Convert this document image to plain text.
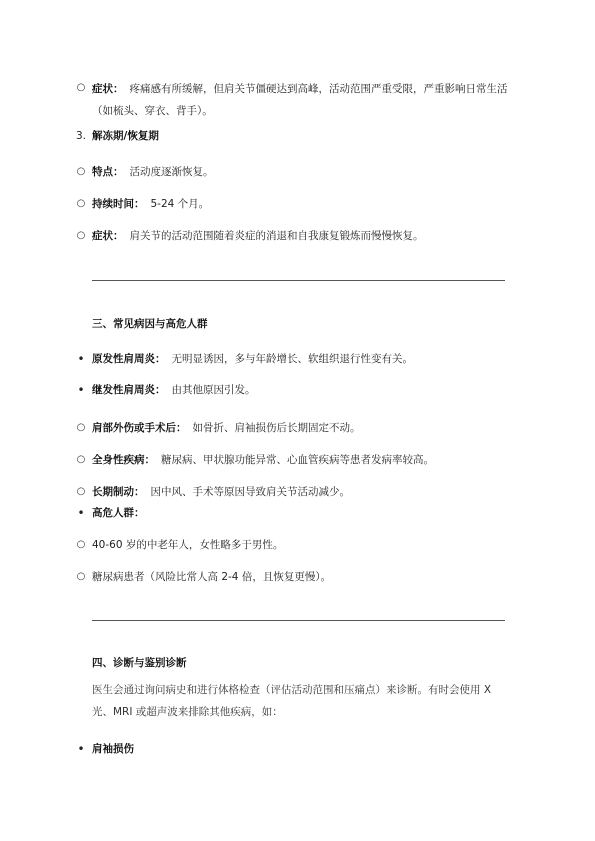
○ 症状： 疼痛感有所缓解，但肩关节僵硬达到高峰，活动范围严重受限，严重影响日常生活（如梳头、穿衣、背手）。
3. 解冻期/恢复期
○ 特点： 活动度逐渐恢复。
○ 持续时间： 5-24 个月。
○ 症状： 肩关节的活动范围随着炎症的消退和自我康复锻炼而慢慢恢复。
三、常见病因与高危人群
• 原发性肩周炎： 无明显诱因，多与年龄增长、软组织退行性变有关。
• 继发性肩周炎： 由其他原因引发。
○ 肩部外伤或手术后： 如骨折、肩袖损伤后长期固定不动。
○ 全身性疾病： 糖尿病、甲状腺功能异常、心血管疾病等患者发病率较高。
○ 长期制动： 因中风、手术等原因导致肩关节活动减少。
• 高危人群：
○ 40-60 岁的中老年人，女性略多于男性。
○ 糖尿病患者（风险比常人高 2-4 倍，且恢复更慢）。
四、诊断与鉴别诊断
医生会通过询问病史和进行体格检查（评估活动范围和压痛点）来诊断。有时会使用 X 光、MRI 或超声波来排除其他疾病，如：
• 肩袖损伤
